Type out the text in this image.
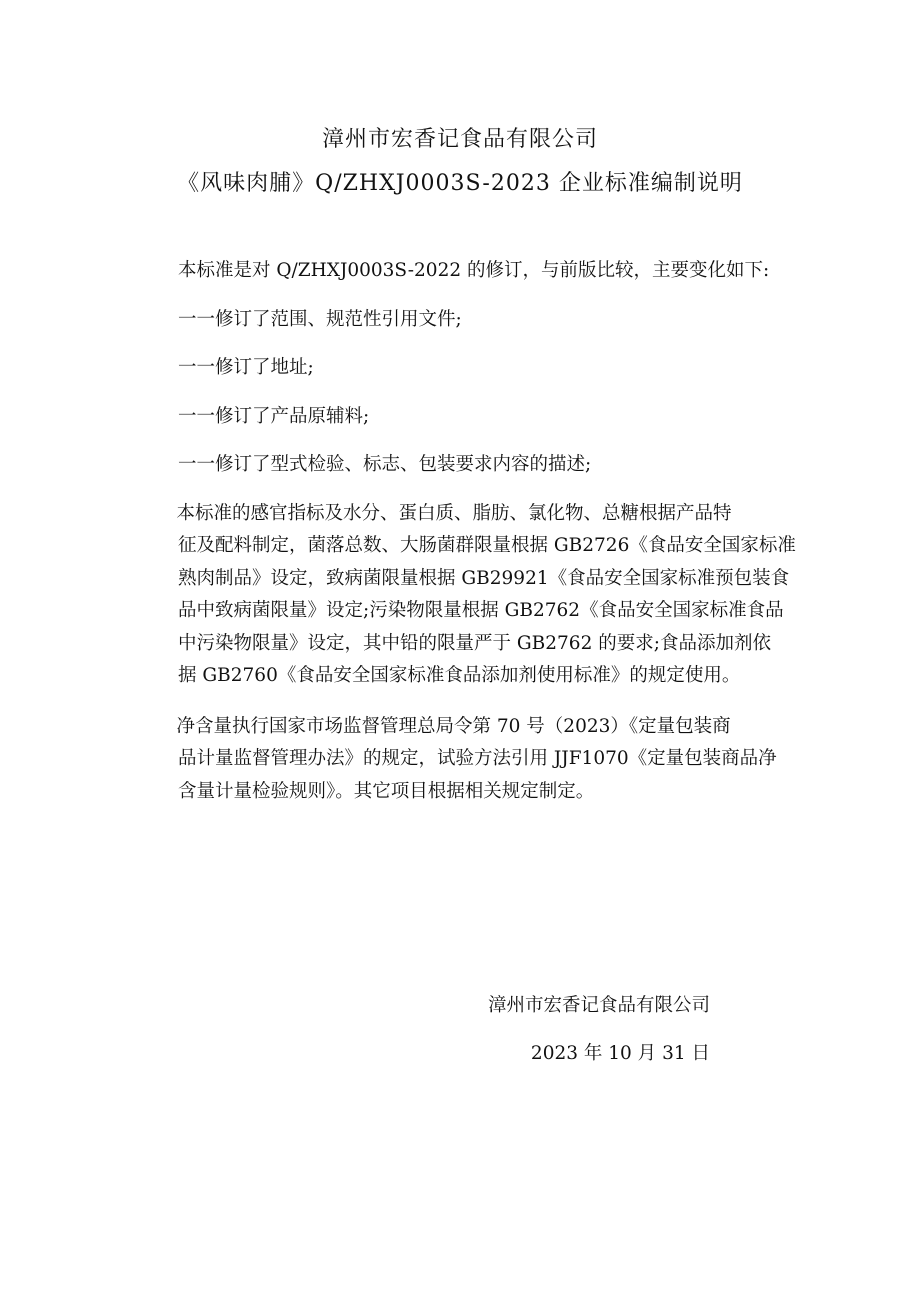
漳州市宏香记食品有限公司
《风味肉脯》Q/ZHXJ0003S-2023 企业标准编制说明

本标准是对 Q/ZHXJ0003S-2022 的修订，与前版比较，主要变化如下:

一一修订了范围、规范性引用文件;
一一修订了地址;
一一修订了产品原辅料;
一一修订了型式检验、标志、包装要求内容的描述;
　本标准的感官指标及水分、蛋白质、脂肪、氯化物、总糖根据产品特
征及配料制定，菌落总数、大肠菌群限量根据 GB2726《食品安全国家标准
熟肉制品》设定，致病菌限量根据 GB29921《食品安全国家标准预包装食
品中致病菌限量》设定;污染物限量根据 GB2762《食品安全国家标准食品
中污染物限量》设定，其中铅的限量严于 GB2762 的要求;食品添加剂依
据 GB2760《食品安全国家标准食品添加剂使用标准》的规定使用。
　净含量执行国家市场监督管理总局令第 70 号（2023）《定量包装商
品计量监督管理办法》的规定，试验方法引用 JJF1070《定量包装商品净
含量计量检验规则》。其它项目根据相关规定制定。
漳州市宏香记食品有限公司
2023 年 10 月 31 日
